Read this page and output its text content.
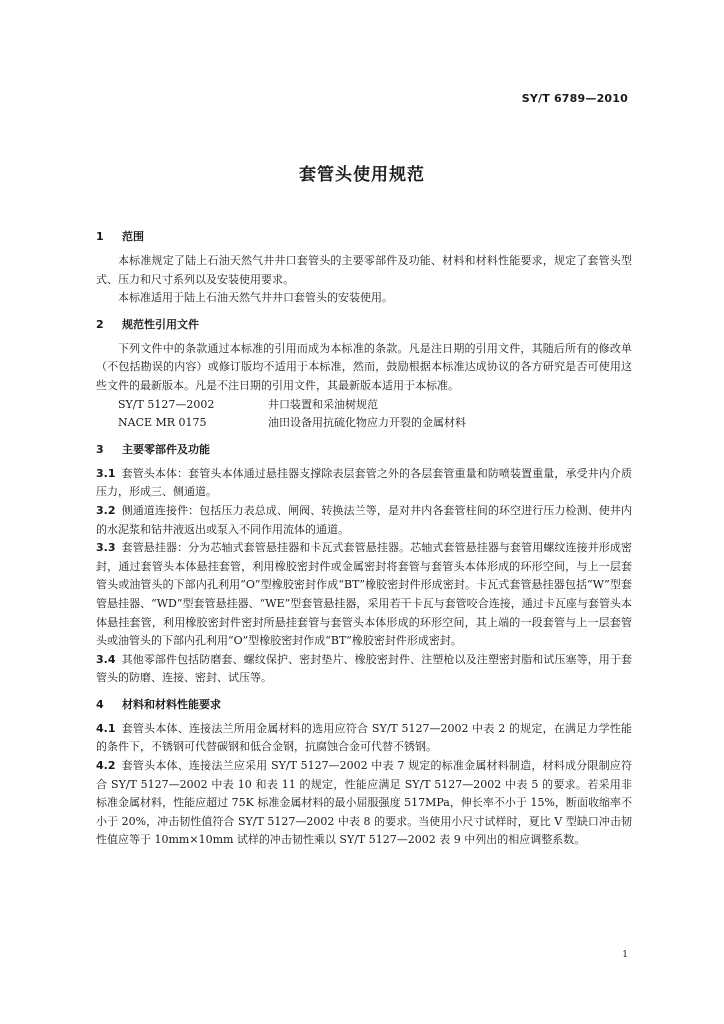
SY/T 6789—2010
套管头使用规范
1 范围

本标准规定了陆上石油天然气井井口套管头的主要零部件及功能、材料和材料性能要求，规定了套管头型式、压力和尺寸系列以及安装使用要求。

本标准适用于陆上石油天然气井井口套管头的安装使用。

2 规范性引用文件

下列文件中的条款通过本标准的引用而成为本标准的条款。凡是注日期的引用文件，其随后所有的修改单（不包括勘误的内容）或修订版均不适用于本标准，然而，鼓励根据本标准达成协议的各方研究是否可使用这些文件的最新版本。凡是不注日期的引用文件，其最新版本适用于本标准。

SY/T 5127—2002	井口装置和采油树规范
NACE MR 0175	油田设备用抗硫化物应力开裂的金属材料
3 主要零部件及功能

3.1 套管头本体：套管头本体通过悬挂器支撑除表层套管之外的各层套管重量和防喷装置重量，承受井内介质压力，形成三、侧通道。

3.2 侧通道连接件：包括压力表总成、闸阀、转换法兰等，是对井内各套管柱间的环空进行压力检测、使井内的水泥浆和钻井液返出或泵入不同作用流体的通道。

3.3 套管悬挂器：分为芯轴式套管悬挂器和卡瓦式套管悬挂器。芯轴式套管悬挂器与套管用螺纹连接并形成密封，通过套管头本体悬挂套管，利用橡胶密封件或金属密封将套管与套管头本体形成的环形空间，与上一层套管头或油管头的下部内孔利用“O”型橡胶密封作成“BT”橡胶密封件形成密封。卡瓦式套管悬挂器包括“W”型套管悬挂器、“WD”型套管悬挂器、“WE”型套管悬挂器，采用若干卡瓦与套管咬合连接，通过卡瓦座与套管头本体悬挂套管，利用橡胶密封件密封所悬挂套管与套管头本体形成的环形空间，其上端的一段套管与上一层套管头或油管头的下部内孔利用“O”型橡胶密封作成“BT”橡胶密封件形成密封。

3.4 其他零部件包括防磨套、螺纹保护、密封垫片、橡胶密封件、注塑枪以及注塑密封脂和试压塞等，用于套管头的防磨、连接、密封、试压等。

4 材料和材料性能要求

4.1 套管头本体、连接法兰所用金属材料的选用应符合 SY/T 5127—2002 中表 2 的规定，在满足力学性能的条件下，不锈钢可代替碳钢和低合金钢，抗腐蚀合金可代替不锈钢。

4.2 套管头本体、连接法兰应采用 SY/T 5127—2002 中表 7 规定的标准金属材料制造，材料成分限制应符合 SY/T 5127—2002 中表 10 和表 11 的规定，性能应满足 SY/T 5127—2002 中表 5 的要求。若采用非标准金属材料，性能应超过 75K 标准金属材料的最小屈服强度 517MPa，伸长率不小于 15%，断面收缩率不小于 20%，冲击韧性值符合 SY/T 5127—2002 中表 8 的要求。当使用小尺寸试样时，夏比 V 型缺口冲击韧性值应等于 10mm×10mm 试样的冲击韧性乘以 SY/T 5127—2002 表 9 中列出的相应调整系数。

1
